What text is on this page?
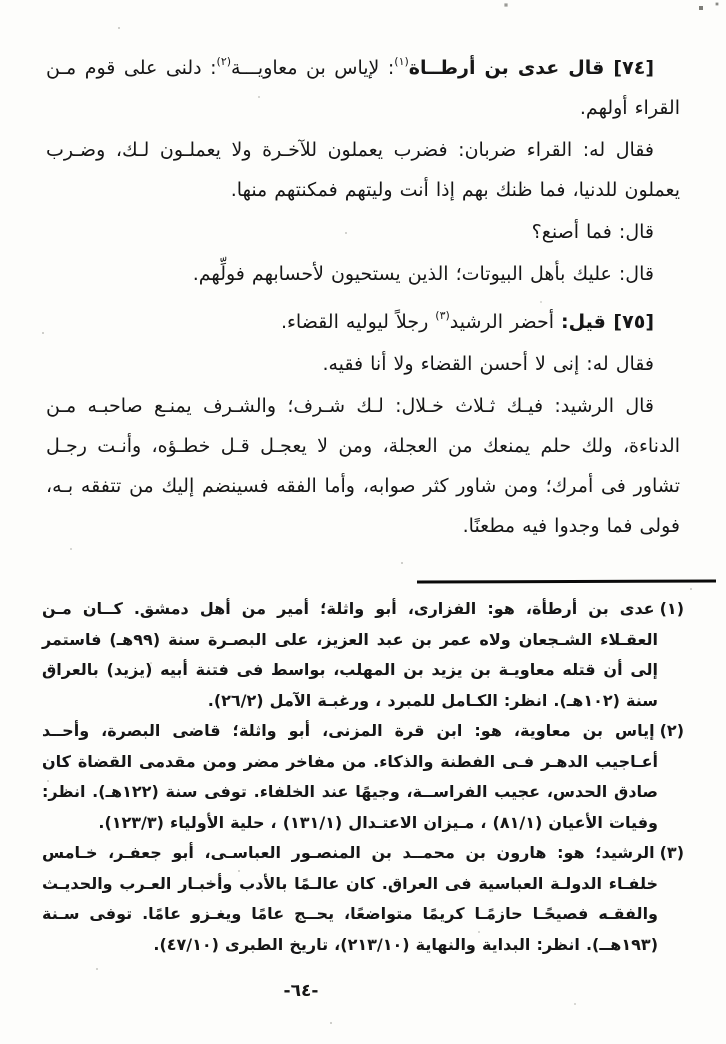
[٧٤] قال عدى بن أرطــاة$^{(١)}$: لإياس بن معاويـــة$^{(٢)}$: دلنى على قوم مـن القراء أولهم.

فقال له: القراء ضربان: فضرب يعملون للآخـرة ولا يعملـون لـك، وضـرب يعملون للدنيا، فما ظنك بهم إذا أنت وليتهم فمكنتهم منها.

قال: فما أصنع؟

قال: عليك بأهل البيوتات؛ الذين يستحيون لأحسابهم فولِّهم.

[٧٥] قيل: أحضر الرشيد$^{(٣)}$ رجلاً ليوليه القضاء.

فقال له: إنى لا أحسن القضاء ولا أنا فقيه.

قال الرشيد: فيـك ثـلاث خـلال: لـك شـرف؛ والشـرف يمنـع صاحبـه مـن الدناءة، ولك حلم يمنعك من العجلة، ومن لا يعجـل قـل خطـؤه، وأنـت رجـل تشاور فى أمرك؛ ومن شاور كثر صوابه، وأما الفقه فسينضم إليك من تتفقه بـه، فولى فما وجدوا فيه مطعنًا.

(١)عدى بن أرطأة، هو: الفزارى، أبو واثلة؛ أمير من أهل دمشق. كــان مـن العقـلاء الشـجعان ولاه عمر بن عبد العزيز، على البصـرة سنة (٩٩هـ) فاستمر إلى أن قتله معاويـة بن يزيد بن المهلب، بواسط فى فتنة أبيه (يزيد) بالعراق سنة (١٠٢هـ). انظر: الكـامل للمبرد ، ورغبـة الآمل (٢٦/٢).

(٢)إياس بن معاوية، هو: ابن قرة المزنى، أبو واثلة؛ قاضى البصرة، وأحــد أعـاجيب الدهـر فـى الفطنة والذكاء. من مفاخر مضر ومن مقدمى القضاة كان صادق الحدس، عجيب الفراســة، وجيهًا عند الخلفاء. توفى سنة (١٢٢هـ). انظر: وفيات الأعيان (٨١/١) ، مـيزان الاعتـدال (١٣١/١) ، حلية الأولياء (١٢٣/٣).

(٣)الرشيد؛ هو: هارون بن محمــد بن المنصـور العباسـى، أبو جعفـر، خـامس خلفـاء الدولـة العباسية فى العراق. كان عالـمًا بالأدب وأخبـار العـرب والحديـث والفقـه فصيحًـا حازمًـا كريمًا متواضعًا، يحــج عامًا ويغـزو عامًا. توفى سـنة (١٩٣هــ). انظر: البداية والنهاية (٢١٣/١٠)، تاريخ الطبرى (٤٧/١٠).

-٦٤-
